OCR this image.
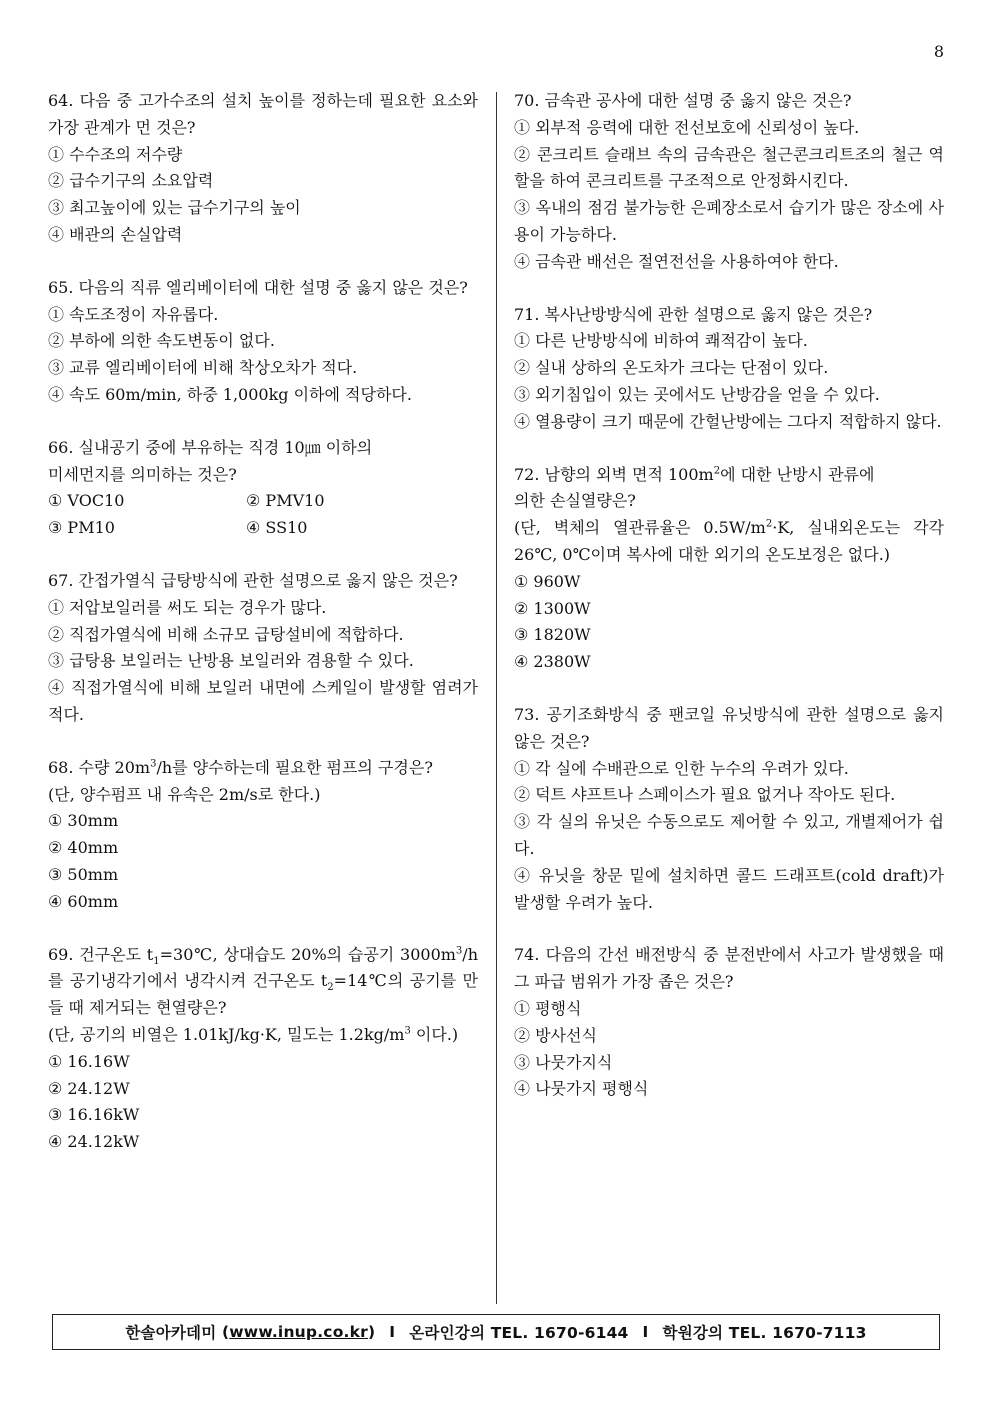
8
64. 다음 중 고가수조의 설치 높이를 정하는데 필요한 요소와 가장 관계가 먼 것은?
① 수수조의 저수량
② 급수기구의 소요압력
③ 최고높이에 있는 급수기구의 높이
④ 배관의 손실압력
65. 다음의 직류 엘리베이터에 대한 설명 중 옳지 않은 것은?
① 속도조정이 자유롭다.
② 부하에 의한 속도변동이 없다.
③ 교류 엘리베이터에 비해 착상오차가 적다.
④ 속도 60m/min, 하중 1,000kg 이하에 적당하다.
66. 실내공기 중에 부유하는 직경 10㎛ 이하의
미세먼지를 의미하는 것은?
① VOC10	② PMV10
③ PM10	④ SS10
67. 간접가열식 급탕방식에 관한 설명으로 옳지 않은 것은?
① 저압보일러를 써도 되는 경우가 많다.
② 직접가열식에 비해 소규모 급탕설비에 적합하다.
③ 급탕용 보일러는 난방용 보일러와 겸용할 수 있다.
④ 직접가열식에 비해 보일러 내면에 스케일이 발생할 염려가 적다.
68. 수량 $20m^3/h$를 양수하는데 필요한 펌프의 구경은?
(단, 양수펌프 내 유속은 2m/s로 한다.)
① 30mm
② 40mm
③ 50mm
④ 60mm
69. 건구온도 $t_1=30℃$, 상대습도 20%의 습공기 $3000m^3/h$를 공기냉각기에서 냉각시켜 건구온도 $t_2=14℃$의 공기를 만들 때 제거되는 현열량은?
(단, 공기의 비열은 1.01kJ/kg·K, 밀도는 $1.2kg/m^3$ 이다.)
① 16.16W
② 24.12W
③ 16.16kW
④ 24.12kW
70. 금속관 공사에 대한 설명 중 옳지 않은 것은?
① 외부적 응력에 대한 전선보호에 신뢰성이 높다.
② 콘크리트 슬래브 속의 금속관은 철근콘크리트조의 철근 역할을 하여 콘크리트를 구조적으로 안정화시킨다.
③ 옥내의 점검 불가능한 은폐장소로서 습기가 많은 장소에 사용이 가능하다.
④ 금속관 배선은 절연전선을 사용하여야 한다.
71. 복사난방방식에 관한 설명으로 옳지 않은 것은?
① 다른 난방방식에 비하여 쾌적감이 높다.
② 실내 상하의 온도차가 크다는 단점이 있다.
③ 외기침입이 있는 곳에서도 난방감을 얻을 수 있다.
④ 열용량이 크기 때문에 간헐난방에는 그다지 적합하지 않다.
72. 남향의 외벽 면적 $100m^2$에 대한 난방시 관류에
의한 손실열량은?
(단, 벽체의 열관류율은 $0.5W/m^2\cdot K$, 실내외온도는 각각 26℃, 0℃이며 복사에 대한 외기의 온도보정은 없다.)
① 960W
② 1300W
③ 1820W
④ 2380W
73. 공기조화방식 중 팬코일 유닛방식에 관한 설명으로 옳지 않은 것은?
① 각 실에 수배관으로 인한 누수의 우려가 있다.
② 덕트 샤프트나 스페이스가 필요 없거나 작아도 된다.
③ 각 실의 유닛은 수동으로도 제어할 수 있고, 개별제어가 쉽다.
④ 유닛을 창문 밑에 설치하면 콜드 드래프트(cold draft)가 발생할 우려가 높다.
74. 다음의 간선 배전방식 중 분전반에서 사고가 발생했을 때 그 파급 범위가 가장 좁은 것은?
① 평행식
② 방사선식
③ 나뭇가지식
④ 나뭇가지 평행식
한솔아카데미 ( www.inup.co.kr ) I 온라인강의 TEL. 1670-6144 I 학원강의 TEL. 1670-7113
